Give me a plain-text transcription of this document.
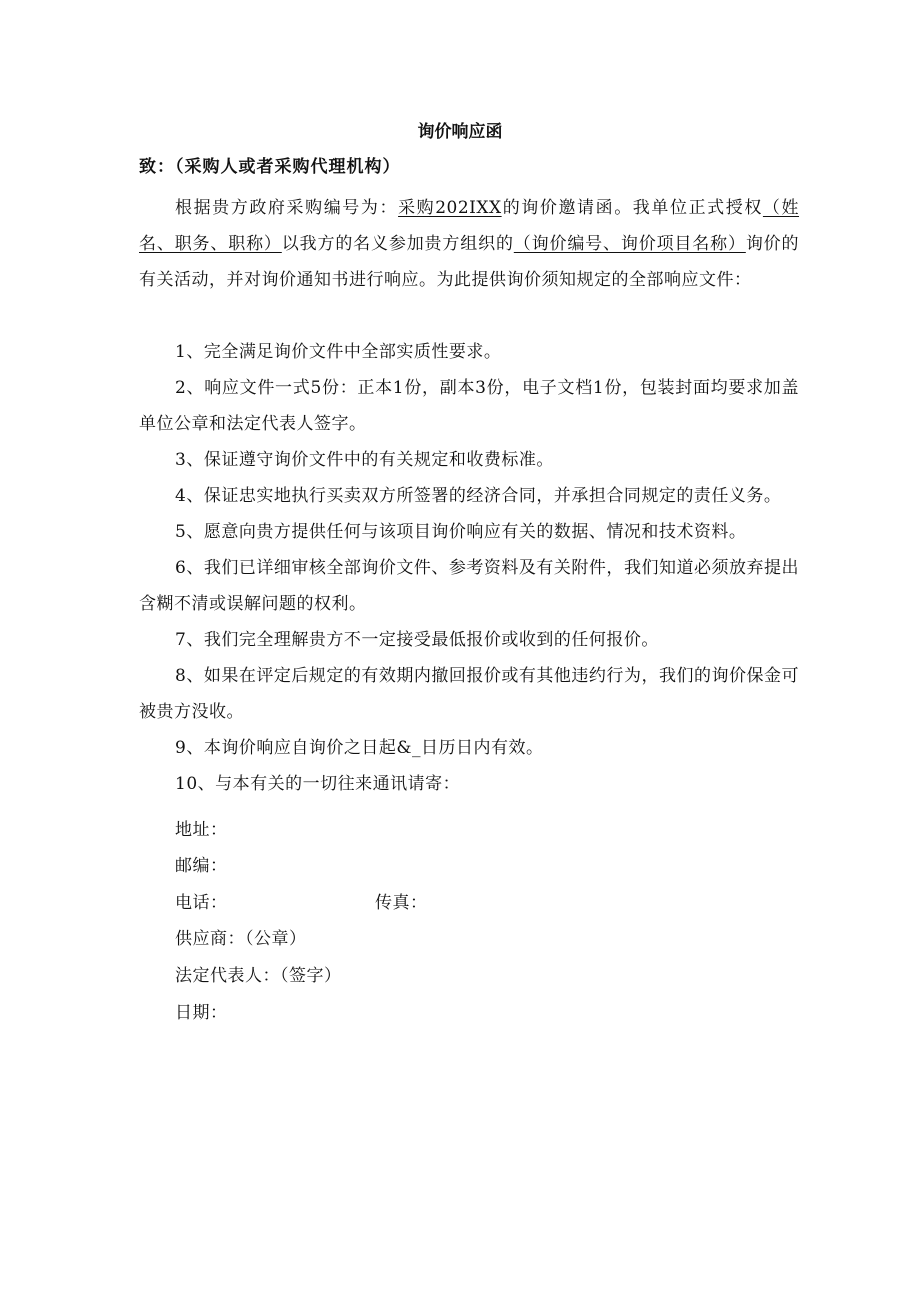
询价响应函
致：（采购人或者采购代理机构）
根据贵方政府采购编号为：采购202IXX的询价邀请函。我单位正式授权（姓名、职务、职称）以我方的名义参加贵方组织的（询价编号、询价项目名称）询价的有关活动，并对询价通知书进行响应。为此提供询价须知规定的全部响应文件：
1、完全满足询价文件中全部实质性要求。
2、响应文件一式5份：正本1份，副本3份，电子文档1份，包装封面均要求加盖单位公章和法定代表人签字。
3、保证遵守询价文件中的有关规定和收费标准。
4、保证忠实地执行买卖双方所签署的经济合同，并承担合同规定的责任义务。
5、愿意向贵方提供任何与该项目询价响应有关的数据、情况和技术资料。
6、我们已详细审核全部询价文件、参考资料及有关附件，我们知道必须放弃提出含糊不清或误解问题的权利。
7、我们完全理解贵方不一定接受最低报价或收到的任何报价。
8、如果在评定后规定的有效期内撤回报价或有其他违约行为，我们的询价保金可被贵方没收。
9、本询价响应自询价之日起&_日历日内有效。
10、与本有关的一切往来通讯请寄：
地址：
邮编：
电话：	传真：
供应商：（公章）
法定代表人：（签字）
日期：
